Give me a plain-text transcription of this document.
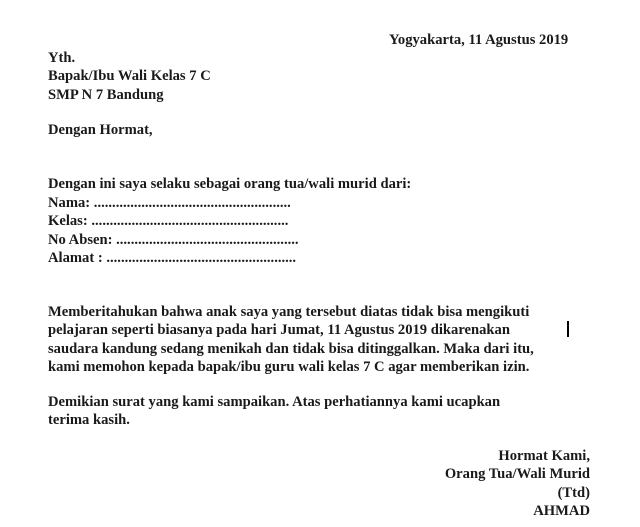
Yogyakarta, 11 Agustus 2019
Yth.
Bapak/Ibu Wali Kelas 7 C
SMP N 7 Bandung
Dengan Hormat,
Dengan ini saya selaku sebagai orang tua/wali murid dari:
Nama: ......................................................
Kelas: ......................................................
No Absen: ..................................................
Alamat : ....................................................
Memberitahukan bahwa anak saya yang tersebut diatas tidak bisa mengikuti
pelajaran seperti biasanya pada hari Jumat, 11 Agustus 2019 dikarenakan
saudara kandung sedang menikah dan tidak bisa ditinggalkan. Maka dari itu,
kami memohon kepada bapak/ibu guru wali kelas 7 C agar memberikan izin.
Demikian surat yang kami sampaikan. Atas perhatiannya kami ucapkan
terima kasih.
Hormat Kami,
Orang Tua/Wali Murid
(Ttd)
AHMAD
